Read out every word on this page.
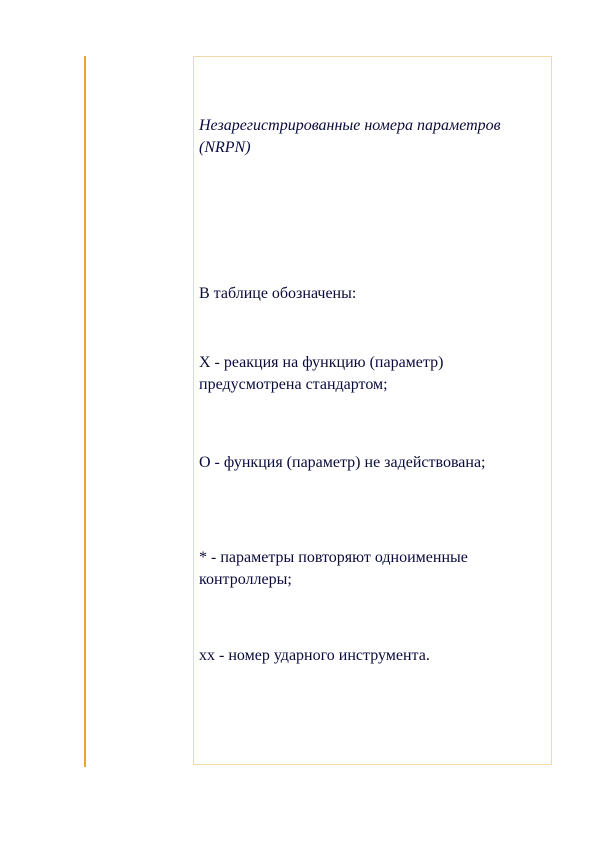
Незарегистрированные номера параметров (NRPN)

В таблице обозначены:

X - реакция на функцию (параметр) предусмотрена стандартом;

O - функция (параметр) не задействована;

* - параметры повторяют одноименные контроллеры;

xx - номер ударного инструмента.
